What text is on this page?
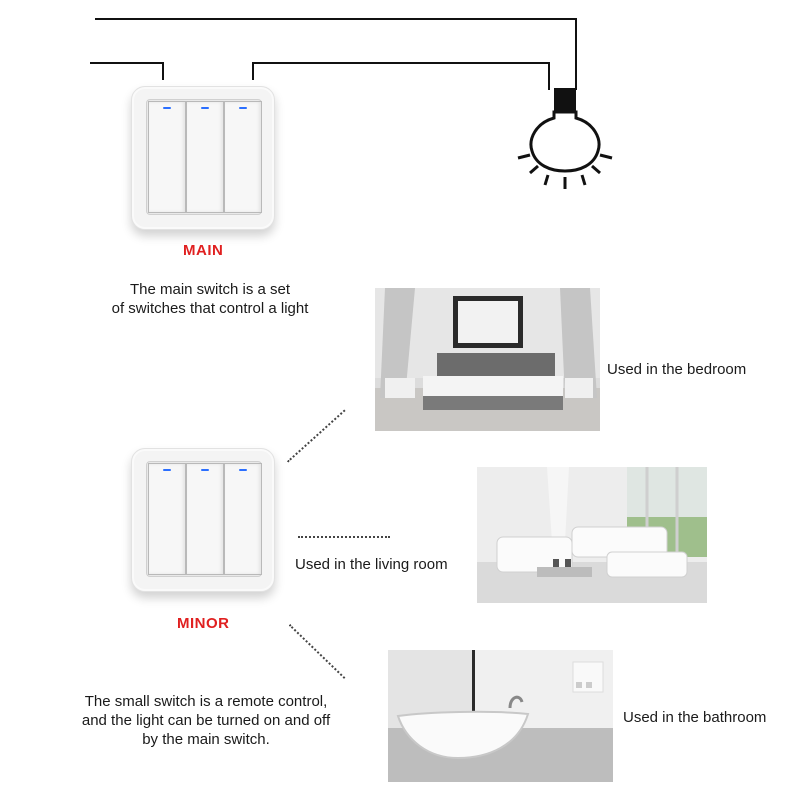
MAIN
The main switch is a set
of switches that control a light
Used in the bedroom
MINOR
Used in the living room
Used in the bathroom
The small switch is a remote control,
and the light can be turned on and off
by the main switch.
